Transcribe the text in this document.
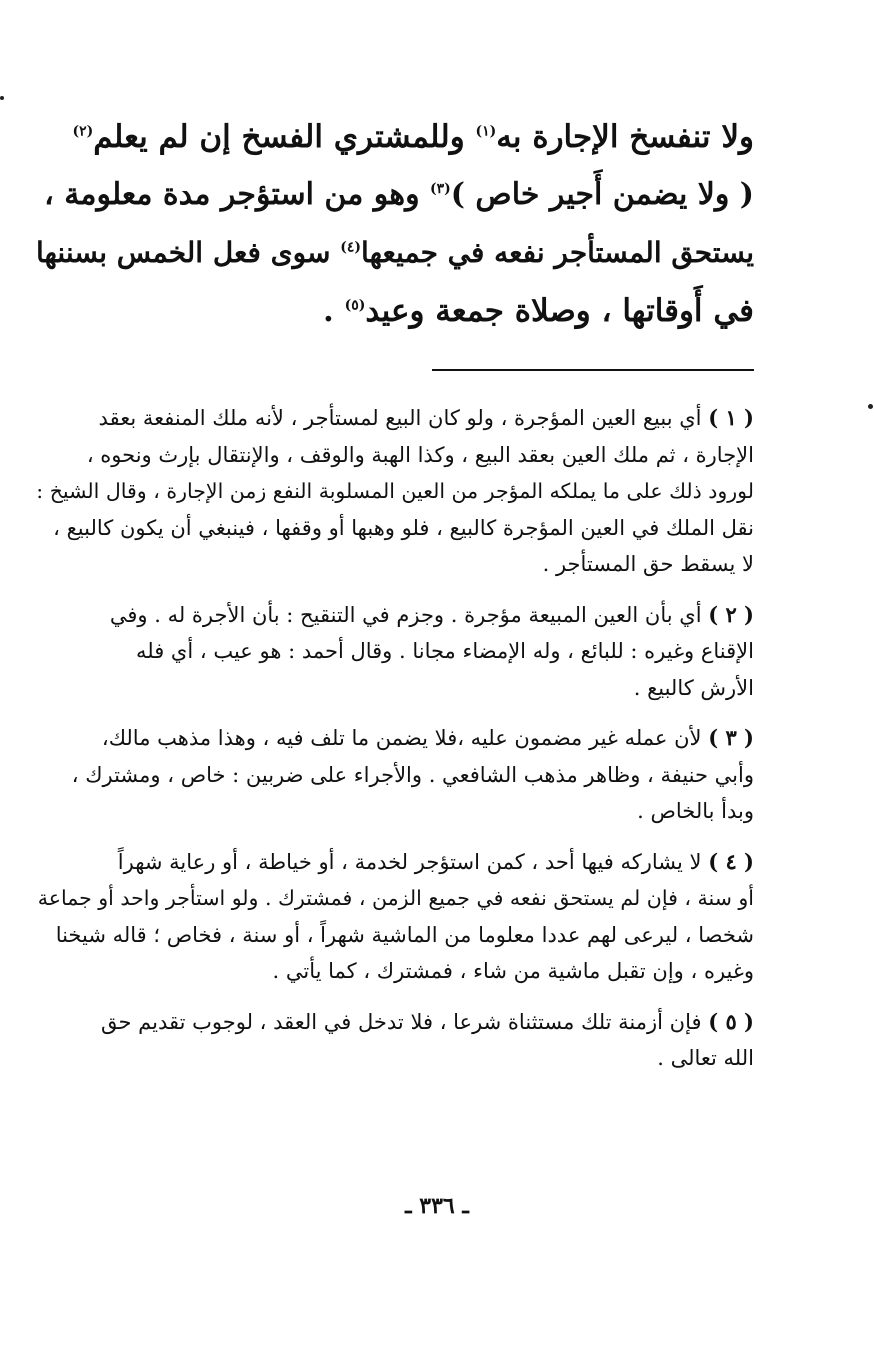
ولا تنفسخ الإجارة به$^{(١)}$ وللمشتري الفسخ إن لم يعلم$^{(٢)}$
( ولا يضمن أَجير خاص )$^{(٣)}$ وهو من استؤجر مدة معلومة ،
يستحق المستأجر نفعه في جميعها$^{(٤)}$ سوى فعل الخمس بسننها
في أَوقاتها ، وصلاة جمعة وعيد$^{(٥)}$ .
( ١ ) أي ببيع العين المؤجرة ، ولو كان البيع لمستأجر ، لأنه ملك المنفعة بعقد
الإجارة ، ثم ملك العين بعقد البيع ، وكذا الهبة والوقف ، والإنتقال بإرث ونحوه ،
لورود ذلك على ما يملكه المؤجر من العين المسلوبة النفع زمن الإجارة ، وقال الشيخ :
نقل الملك في العين المؤجرة كالبيع ، فلو وهبها أو وقفها ، فينبغي أن يكون كالبيع ،
لا يسقط حق المستأجر .
( ٢ ) أي بأن العين المبيعة مؤجرة . وجزم في التنقيح : بأن الأجرة له . وفي
الإقناع وغيره : للبائع ، وله الإمضاء مجانا . وقال أحمد : هو عيب ، أي فله
الأرش كالبيع .
( ٣ ) لأن عمله غير مضمون عليه ،فلا يضمن ما تلف فيه ، وهذا مذهب مالك،
وأبي حنيفة ، وظاهر مذهب الشافعي . والأجراء على ضربين : خاص ، ومشترك ،
وبدأ بالخاص .
( ٤ ) لا يشاركه فيها أحد ، كمن استؤجر لخدمة ، أو خياطة ، أو رعاية شهراً
أو سنة ، فإن لم يستحق نفعه في جميع الزمن ، فمشترك . ولو استأجر واحد أو جماعة
شخصا ، ليرعى لهم عددا معلوما من الماشية شهراً ، أو سنة ، فخاص ؛ قاله شيخنا
وغيره ، وإن تقبل ماشية من شاء ، فمشترك ، كما يأتي .
( ٥ ) فإن أزمنة تلك مستثناة شرعا ، فلا تدخل في العقد ، لوجوب تقديم حق
الله تعالى .
ـ ٣٣٦ ـ
